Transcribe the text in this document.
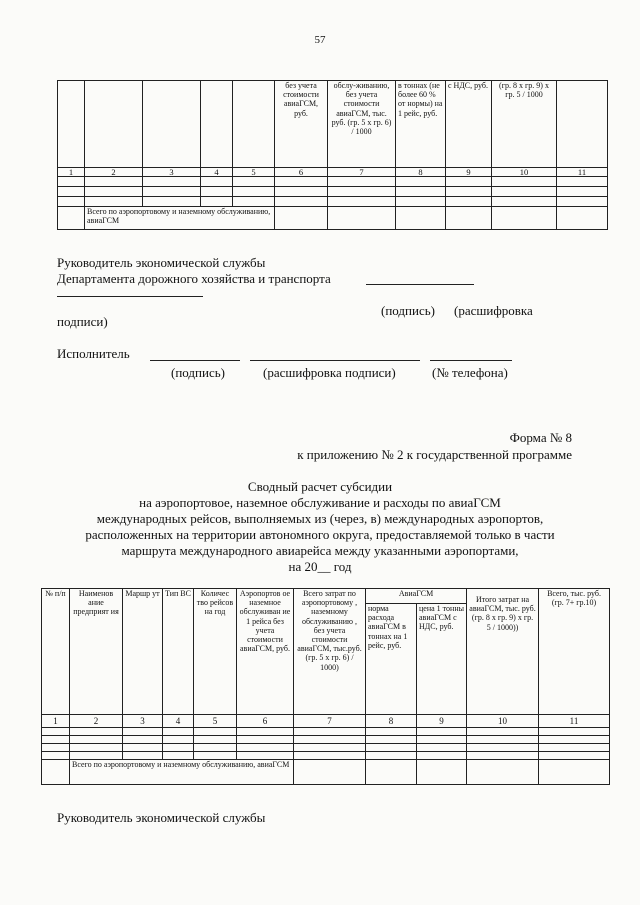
57
					без учета стоимости авиаГСМ, руб.	обслу-живанию, без учета стоимости авиаГСМ, тыс. руб. (гр. 5 x гр. 6) / 1000	в тоннах (не более 60 % от нормы) на 1 рейс, руб.	с НДС, руб.	(гр. 8 x гр. 9) x гр. 5 / 1000	
1	2	3	4	5	6	7	8	9	10	11

	Всего по аэропортовому и наземному обслуживанию, авиаГСМ									
Руководитель экономической службы
Департамента дорожного хозяйства и транспорта
(подпись) (расшифровка
подписи)
Исполнитель
(подпись)	(расшифровка подписи)	(№ телефона)
Форма № 8
к приложению № 2 к государственной программе
Сводный расчет субсидии
на аэропортовое, наземное обслуживание и расходы по авиаГСМ
международных рейсов, выполняемых из (через, в) международных аэропортов,
расположенных на территории автономного округа, предоставляемой только в части
маршрута международного авиарейса между указанными аэропортами,
на 20__ год
№ п/п	Наименов ание предприят ия	Маршр ут	Тип ВС	Количес тво рейсов на год	Аэропортов ое наземное обслуживан ие 1 рейса без учета стоимости авиаГСМ, руб.	Всего затрат по аэропортовому , наземному обслуживанию , без учета стоимости авиаГСМ, тыс.руб. (гр. 5 x гр. 6) / 1000)	АвиаГСМ		Итого затрат на авиаГСМ, тыс. руб. (гр. 8 x гр. 9) x гр. 5 / 1000))	Всего, тыс. руб. (гр. 7+ гр.10)
							норма расхода авиаГСМ в тоннах на 1 рейс, руб.	цена 1 тонны авиаГСМ с НДС, руб.		
1	2	3	4	5	6	7	8	9	10	11

	Всего по аэропортовому и наземному обслуживанию, авиаГСМ									
Руководитель экономической службы
